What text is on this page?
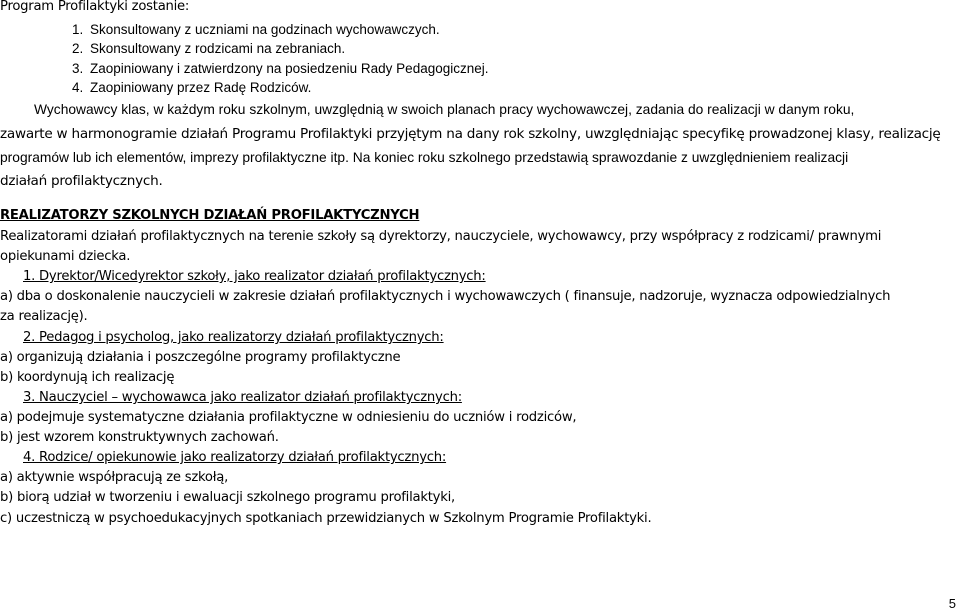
Program Profilaktyki zostanie:
1. Skonsultowany z uczniami na godzinach wychowawczych.
2. Skonsultowany z rodzicami na zebraniach.
3. Zaopiniowany i zatwierdzony na posiedzeniu Rady Pedagogicznej.
4. Zaopiniowany przez Radę Rodziców.
Wychowawcy klas, w każdym roku szkolnym, uwzględnią w swoich planach pracy wychowawczej, zadania do realizacji w danym roku,
zawarte w harmonogramie działań Programu Profilaktyki przyjętym na dany rok szkolny, uwzględniając specyfikę prowadzonej klasy, realizację
programów lub ich elementów, imprezy profilaktyczne itp. Na koniec roku szkolnego przedstawią sprawozdanie z uwzględnieniem realizacji
działań profilaktycznych.
REALIZATORZY SZKOLNYCH DZIAŁAŃ PROFILAKTYCZNYCH
Realizatorami działań profilaktycznych na terenie szkoły są dyrektorzy, nauczyciele, wychowawcy, przy współpracy z rodzicami/ prawnymi
opiekunami dziecka.
1. Dyrektor/Wicedyrektor szkoły, jako realizator działań profilaktycznych:
a) dba o doskonalenie nauczycieli w zakresie działań profilaktycznych i wychowawczych ( finansuje, nadzoruje, wyznacza odpowiedzialnych
za realizację).
2. Pedagog i psycholog, jako realizatorzy działań profilaktycznych:
a) organizują działania i poszczególne programy profilaktyczne
b) koordynują ich realizację
3. Nauczyciel – wychowawca jako realizator działań profilaktycznych:
a) podejmuje systematyczne działania profilaktyczne w odniesieniu do uczniów i rodziców,
b) jest wzorem konstruktywnych zachowań.
4. Rodzice/ opiekunowie jako realizatorzy działań profilaktycznych:
a) aktywnie współpracują ze szkołą,
b) biorą udział w tworzeniu i ewaluacji szkolnego programu profilaktyki,
c) uczestniczą w psychoedukacyjnych spotkaniach przewidzianych w Szkolnym Programie Profilaktyki.
5
